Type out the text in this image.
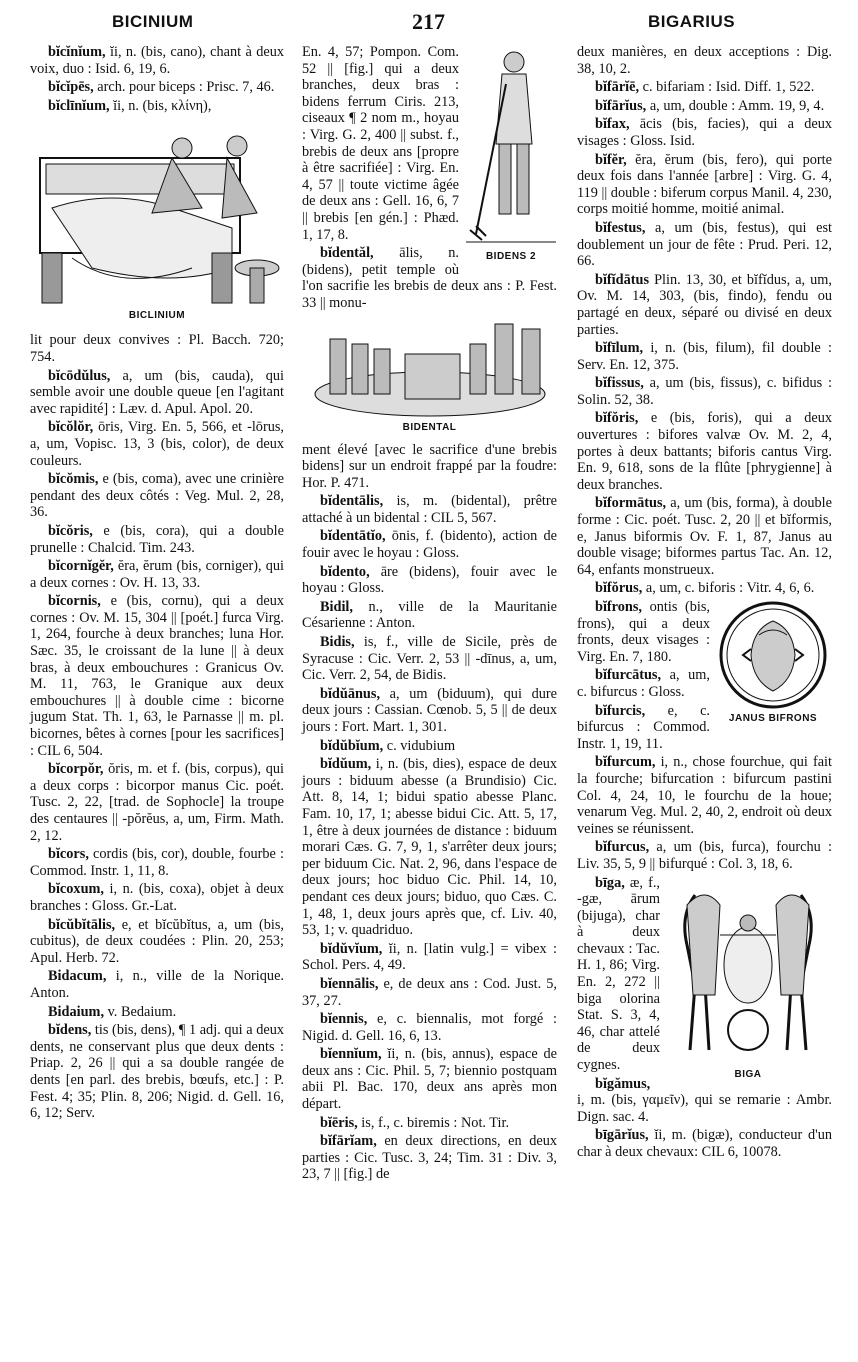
BICINIUM	217	BIGARIUS

bĭcĭnĭum, ĭi, n. (bis, cano), chant à deux voix, duo : Isid. 6, 19, 6.

bĭcĭpēs, arch. pour biceps : Prisc. 7, 46.

bĭclīnĭum, ĭi, n. (bis, κλίνη),

BICLINIUM

lit pour deux convives : Pl. Bacch. 720; 754.

bĭcōdŭlus, a, um (bis, cauda), qui semble avoir une double queue [en l'agitant avec rapidité] : Læv. d. Apul. Apol. 20.

bĭcŏlŏr, ōris, Virg. En. 5, 566, et -lōrus, a, um, Vopisc. 13, 3 (bis, color), de deux couleurs.

bĭcŏmis, e (bis, coma), avec une crinière pendant des deux côtés : Veg. Mul. 2, 28, 36.

bĭcŏris, e (bis, cora), qui a double prunelle : Chalcid. Tim. 243.

bĭcornĭgĕr, ĕra, ĕrum (bis, corniger), qui a deux cornes : Ov. H. 13, 33.

bĭcornis, e (bis, cornu), qui a deux cornes : Ov. M. 15, 304 || [poét.] furca Virg. 1, 264, fourche à deux branches; luna Hor. Sæc. 35, le croissant de la lune || à deux bras, à deux embouchures : Granicus Ov. M. 11, 763, le Granique aux deux embouchures || à double cime : bicorne jugum Stat. Th. 1, 63, le Parnasse || m. pl. bicornes, bêtes à cornes [pour les sacrifices] : CIL 6, 504.

bĭcorpŏr, ŏris, m. et f. (bis, corpus), qui a deux corps : bicorpor manus Cic. poét. Tusc. 2, 22, [trad. de Sophocle] la troupe des centaures || -pŏrĕus, a, um, Firm. Math. 2, 12.

bĭcors, cordis (bis, cor), double, fourbe : Commod. Instr. 1, 11, 8.

bĭcoxum, i, n. (bis, coxa), objet à deux branches : Gloss. Gr.-Lat.

bĭcŭbĭtālis, e, et bĭcŭbĭtus, a, um (bis, cubitus), de deux coudées : Plin. 20, 253; Apul. Herb. 72.

Bidacum, i, n., ville de la Norique. Anton.

Bidaium, v. Bedaium.

bĭdens, tis (bis, dens), ¶ 1 adj. qui a deux dents, ne conservant plus que deux dents : Priap. 2, 26 || qui a sa double rangée de dents [en parl. des brebis, bœufs, etc.] : P. Fest. 4; 35; Plin. 8, 206; Nigid. d. Gell. 16, 6, 12; Serv.

BIDENS 2

En. 4, 57; Pompon. Com. 52 || [fig.] qui a deux branches, deux bras : bidens ferrum Ciris. 213, ciseaux ¶ 2 nom m., hoyau : Virg. G. 2, 400 || subst. f., brebis de deux ans [propre à être sacrifiée] : Virg. En. 4, 57 || toute victime âgée de deux ans : Gell. 16, 6, 7 || brebis [en gén.] : Phæd. 1, 17, 8.

bĭdentăl, ālis, n. (bidens), petit temple où l'on sacrifie les brebis de deux ans : P. Fest. 33 || monu-

BIDENTAL

ment élevé [avec le sacrifice d'une brebis bidens] sur un endroit frappé par la foudre: Hor. P. 471.

bĭdentālis, is, m. (bidental), prêtre attaché à un bidental : CIL 5, 567.

bĭdentātĭo, ōnis, f. (bidento), action de fouir avec le hoyau : Gloss.

bĭdento, āre (bidens), fouir avec le hoyau : Gloss.

Bidil, n., ville de la Mauritanie Césarienne : Anton.

Bidis, is, f., ville de Sicile, près de Syracuse : Cic. Verr. 2, 53 || -dīnus, a, um, Cic. Verr. 2, 54, de Bidis.

bĭdŭānus, a, um (biduum), qui dure deux jours : Cassian. Cœnob. 5, 5 || de deux jours : Fort. Mart. 1, 301.

bĭdŭbĭum, c. vidubium

bĭdŭum, i, n. (bis, dies), espace de deux jours : biduum abesse (a Brundisio) Cic. Att. 8, 14, 1; bidui spatio abesse Planc. Fam. 10, 17, 1; abesse bidui Cic. Att. 5, 17, 1, être à deux journées de distance : biduum morari Cæs. G. 7, 9, 1, s'arrêter deux jours; per biduum Cic. Nat. 2, 96, dans l'espace de deux jours; hoc biduo Cic. Phil. 14, 10, pendant ces deux jours; biduo, quo Cæs. C. 1, 48, 1, deux jours après que, cf. Liv. 40, 53, 1; v. quadriduo.

bĭdŭvĭum, ĭi, n. [latin vulg.] = vibex : Schol. Pers. 4, 49.

bĭennālis, e, de deux ans : Cod. Just. 5, 37, 27.

bĭennis, e, c. biennalis, mot forgé : Nigid. d. Gell. 16, 6, 13.

bĭennĭum, ĭi, n. (bis, annus), espace de deux ans : Cic. Phil. 5, 7; biennio postquam abii Pl. Bac. 170, deux ans après mon départ.

bĭēris, is, f., c. biremis : Not. Tir.

bĭfārĭam, en deux directions, en deux parties : Cic. Tusc. 3, 24; Tim. 31 : Div. 3, 23, 7 || [fig.] de

deux manières, en deux acceptions : Dig. 38, 10, 2.

bĭfārĭē, c. bifariam : Isid. Diff. 1, 522.

bĭfārĭus, a, um, double : Amm. 19, 9, 4.

bĭfax, ācis (bis, facies), qui a deux visages : Gloss. Isid.

bĭfĕr, ĕra, ĕrum (bis, fero), qui porte deux fois dans l'année [arbre] : Virg. G. 4, 119 || double : biferum corpus Manil. 4, 230, corps moitié homme, moitié animal.

bĭfestus, a, um (bis, festus), qui est doublement un jour de fête : Prud. Peri. 12, 66.

bĭfĭdātus Plin. 13, 30, et bĭfĭdus, a, um, Ov. M. 14, 303, (bis, findo), fendu ou partagé en deux, séparé ou divisé en deux parties.

bĭfīlum, i, n. (bis, filum), fil double : Serv. En. 12, 375.

bĭfissus, a, um (bis, fissus), c. bifidus : Solin. 52, 38.

bĭfŏris, e (bis, foris), qui a deux ouvertures : bifores valvæ Ov. M. 2, 4, portes à deux battants; biforis cantus Virg. En. 9, 618, sons de la flûte [phrygienne] à deux branches.

bĭformātus, a, um (bis, forma), à double forme : Cic. poét. Tusc. 2, 20 || et bĭformis, e, Janus biformis Ov. F. 1, 87, Janus au double visage; biformes partus Tac. An. 12, 64, enfants monstrueux.

bĭfŏrus, a, um, c. biforis : Vitr. 4, 6, 6.

JANUS BIFRONS

bĭfrons, ontis (bis, frons), qui a deux fronts, deux visages : Virg. En. 7, 180.

bĭfurcātus, a, um, c. bifurcus : Gloss.

bĭfurcis, e, c. bifurcus : Commod. Instr. 1, 19, 11.

bĭfurcum, i, n., chose fourchue, qui fait la fourche; bifurcation : bifurcum pastini Col. 4, 24, 10, le fourchu de la houe; venarum Veg. Mul. 2, 40, 2, endroit où deux veines se réunissent.

bĭfurcus, a, um (bis, furca), fourchu : Liv. 35, 5, 9 || bifurqué : Col. 3, 18, 6.

BIGA

bīga, æ, f., -gæ, ārum (bijuga), char à deux chevaux : Tac. H. 1, 86; Virg. En. 2, 272 || biga olorina Stat. S. 3, 4, 46, char attelé de deux cygnes.

bĭgămus, i, m. (bis, γαμεῖν), qui se remarie : Ambr. Dign. sac. 4.

bīgārĭus, ĭi, m. (bigæ), conducteur d'un char à deux chevaux: CIL 6, 10078.
